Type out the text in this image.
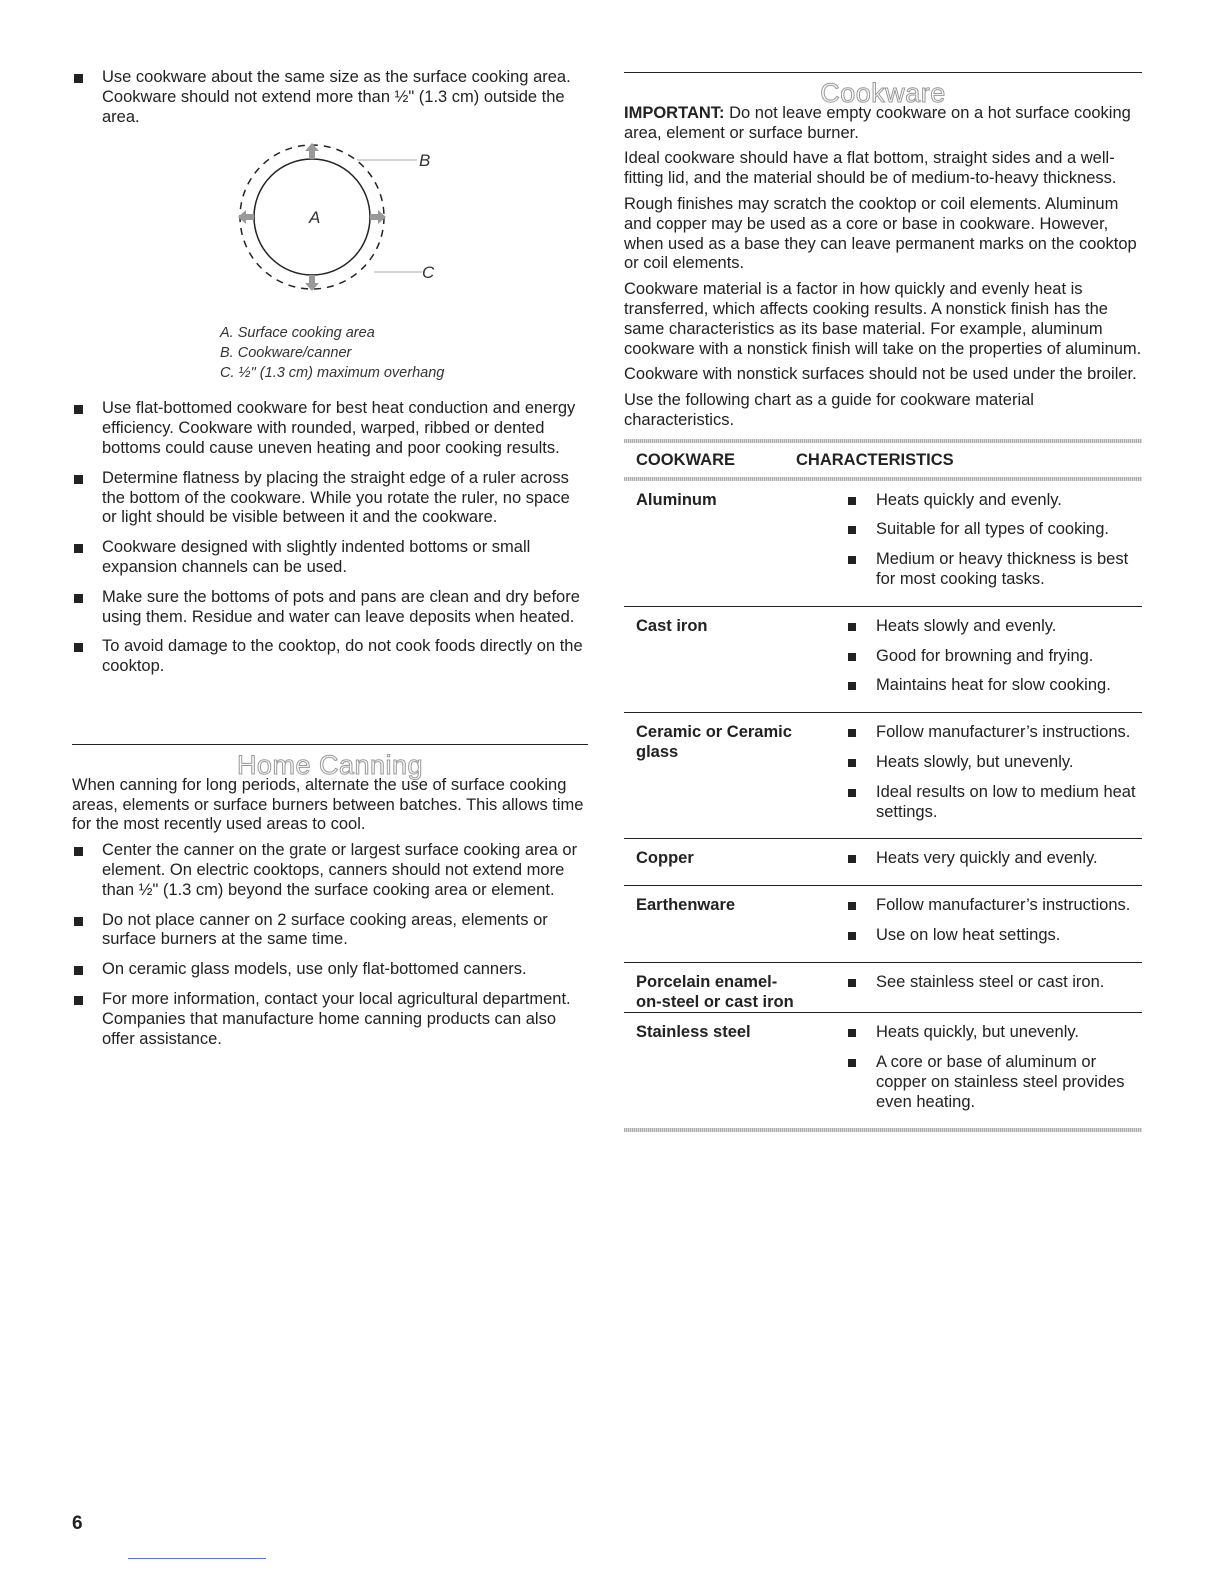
Use cookware about the same size as the surface cooking area. Cookware should not extend more than ½" (1.3 cm) outside the area.
A
B
C
A. Surface cooking area
B. Cookware/canner
C. ½" (1.3 cm) maximum overhang
Use flat-bottomed cookware for best heat conduction and energy efficiency. Cookware with rounded, warped, ribbed or dented bottoms could cause uneven heating and poor cooking results.
Determine flatness by placing the straight edge of a ruler across the bottom of the cookware. While you rotate the ruler, no space or light should be visible between it and the cookware.
Cookware designed with slightly indented bottoms or small expansion channels can be used.
Make sure the bottoms of pots and pans are clean and dry before using them. Residue and water can leave deposits when heated.
To avoid damage to the cooktop, do not cook foods directly on the cooktop.
Home Canning

When canning for long periods, alternate the use of surface cooking areas, elements or surface burners between batches. This allows time for the most recently used areas to cool.

Center the canner on the grate or largest surface cooking area or element. On electric cooktops, canners should not extend more than ½" (1.3 cm) beyond the surface cooking area or element.
Do not place canner on 2 surface cooking areas, elements or surface burners at the same time.
On ceramic glass models, use only flat-bottomed canners.
For more information, contact your local agricultural department. Companies that manufacture home canning products can also offer assistance.
Cookware

IMPORTANT: Do not leave empty cookware on a hot surface cooking area, element or surface burner.

Ideal cookware should have a flat bottom, straight sides and a well-fitting lid, and the material should be of medium-to-heavy thickness.

Rough finishes may scratch the cooktop or coil elements. Aluminum and copper may be used as a core or base in cookware. However, when used as a base they can leave permanent marks on the cooktop or coil elements.

Cookware material is a factor in how quickly and evenly heat is transferred, which affects cooking results. A nonstick finish has the same characteristics as its base material. For example, aluminum cookware with a nonstick finish will take on the properties of aluminum.

Cookware with nonstick surfaces should not be used under the broiler.

Use the following chart as a guide for cookware material characteristics.

COOKWARE	CHARACTERISTICS
Aluminum	Heats quickly and evenly.
Suitable for all types of cooking.
Medium or heavy thickness is best for most cooking tasks.

Cast iron	Heats slowly and evenly.
Good for browning and frying.
Maintains heat for slow cooking.

Ceramic or Ceramic glass	Follow manufacturer’s instructions.
Heats slowly, but unevenly.
Ideal results on low to medium heat settings.

Copper	Heats very quickly and evenly.

Earthenware	Follow manufacturer’s instructions.
Use on low heat settings.

Porcelain enamel-on-steel or cast iron	See stainless steel or cast iron.

Stainless steel	Heats quickly, but unevenly.
A core or base of aluminum or copper on stainless steel provides even heating.
6
